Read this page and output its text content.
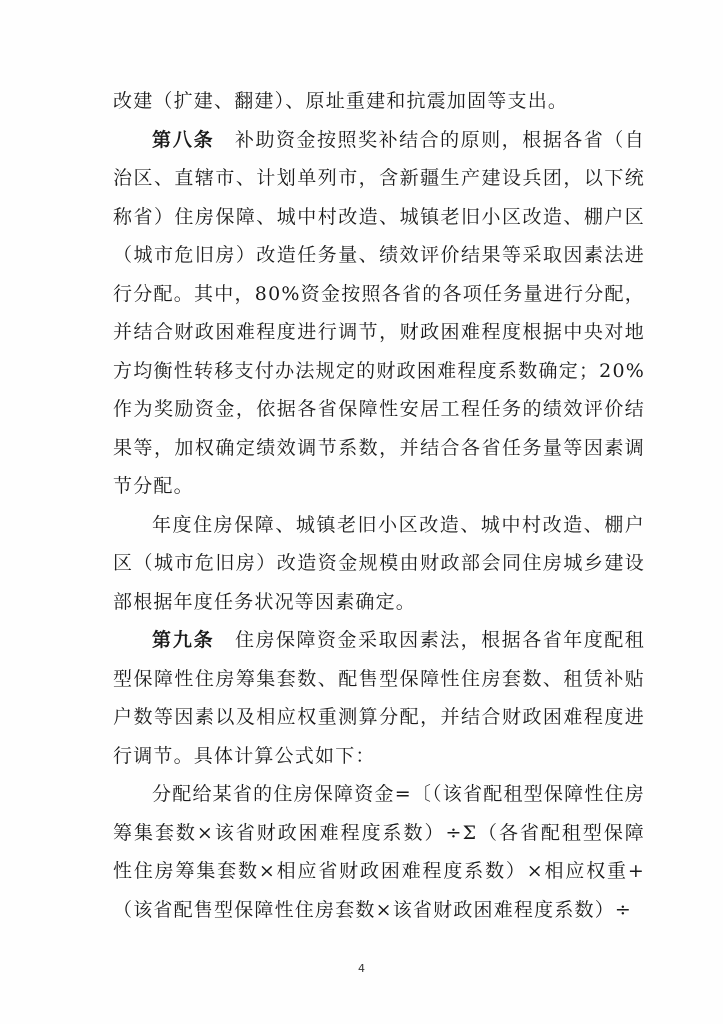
改建（扩建、翻建）、原址重建和抗震加固等支出。

第八条　补助资金按照奖补结合的原则，根据各省（自治区、直辖市、计划单列市，含新疆生产建设兵团，以下统称省）住房保障、城中村改造、城镇老旧小区改造、棚户区（城市危旧房）改造任务量、绩效评价结果等采取因素法进行分配。其中，80%资金按照各省的各项任务量进行分配，并结合财政困难程度进行调节，财政困难程度根据中央对地方均衡性转移支付办法规定的财政困难程度系数确定；20%作为奖励资金，依据各省保障性安居工程任务的绩效评价结果等，加权确定绩效调节系数，并结合各省任务量等因素调节分配。

年度住房保障、城镇老旧小区改造、城中村改造、棚户区（城市危旧房）改造资金规模由财政部会同住房城乡建设部根据年度任务状况等因素确定。

第九条　住房保障资金采取因素法，根据各省年度配租型保障性住房筹集套数、配售型保障性住房套数、租赁补贴户数等因素以及相应权重测算分配，并结合财政困难程度进行调节。具体计算公式如下：

分配给某省的住房保障资金=〔（该省配租型保障性住房筹集套数×该省财政困难程度系数）÷Σ（各省配租型保障性住房筹集套数×相应省财政困难程度系数）×相应权重+（该省配售型保障性住房套数×该省财政困难程度系数）÷

4
